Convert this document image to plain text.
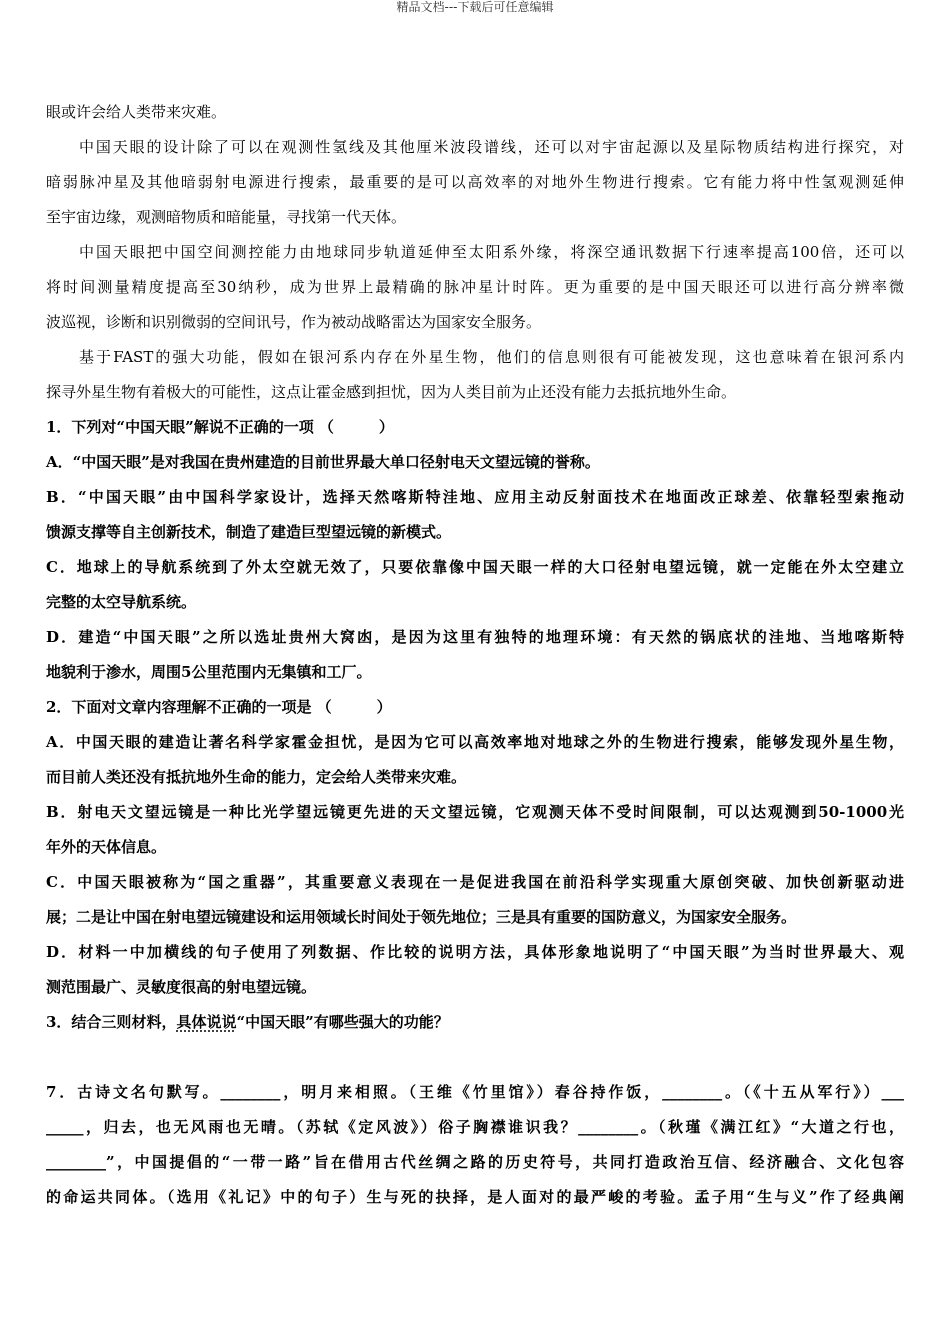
精品文档---下载后可任意编辑
眼或许会给人类带来灾难。
中国天眼的设计除了可以在观测性氢线及其他厘米波段谱线，还可以对宇宙起源以及星际物质结构进行探究，对
暗弱脉冲星及其他暗弱射电源进行搜索，最重要的是可以高效率的对地外生物进行搜索。它有能力将中性氢观测延伸
至宇宙边缘，观测暗物质和暗能量，寻找第一代天体。
中国天眼把中国空间测控能力由地球同步轨道延伸至太阳系外缘，将深空通讯数据下行速率提高100倍，还可以
将时间测量精度提高至30纳秒，成为世界上最精确的脉冲星计时阵。更为重要的是中国天眼还可以进行高分辨率微
波巡视，诊断和识别微弱的空间讯号，作为被动战略雷达为国家安全服务。
基于FAST的强大功能，假如在银河系内存在外星生物，他们的信息则很有可能被发现，这也意味着在银河系内
探寻外星生物有着极大的可能性，这点让霍金感到担忧，因为人类目前为止还没有能力去抵抗地外生命。
1．下列对“中国天眼”解说不正确的一项 （　　　）
A．“中国天眼”是对我国在贵州建造的目前世界最大单口径射电天文望远镜的誉称。
B．“中国天眼”由中国科学家设计，选择天然喀斯特洼地、应用主动反射面技术在地面改正球差、依靠轻型索拖动
馈源支撑等自主创新技术，制造了建造巨型望远镜的新模式。
C．地球上的导航系统到了外太空就无效了，只要依靠像中国天眼一样的大口径射电望远镜，就一定能在外太空建立
完整的太空导航系统。
D．建造“中国天眼”之所以选址贵州大窝凼，是因为这里有独特的地理环境：有天然的锅底状的洼地、当地喀斯特
地貌利于渗水，周围5公里范围内无集镇和工厂。
2．下面对文章内容理解不正确的一项是 （　　　）
A．中国天眼的建造让著名科学家霍金担忧，是因为它可以高效率地对地球之外的生物进行搜索，能够发现外星生物，
而目前人类还没有抵抗地外生命的能力，定会给人类带来灾难。
B．射电天文望远镜是一种比光学望远镜更先进的天文望远镜，它观测天体不受时间限制，可以达观测到50-1000光
年外的天体信息。
C．中国天眼被称为“国之重器”，其重要意义表现在一是促进我国在前沿科学实现重大原创突破、加快创新驱动进
展；二是让中国在射电望远镜建设和运用领域长时间处于领先地位；三是具有重要的国防意义，为国家安全服务。
D．材料一中加横线的句子使用了列数据、作比较的说明方法，具体形象地说明了“中国天眼”为当时世界最大、观
测范围最广、灵敏度很高的射电望远镜。
3．结合三则材料，具体说说“中国天眼”有哪些强大的功能？
7．古诗文名句默写。________，明月来相照。（王维《竹里馆》）春谷持作饭，________。（《十五从军行》）___
_____，归去，也无风雨也无晴。（苏轼《定风波》）俗子胸襟谁识我？________。（秋瑾《满江红》“大道之行也，
________”，中国提倡的“一带一路”旨在借用古代丝绸之路的历史符号，共同打造政治互信、经济融合、文化包容
的命运共同体。（选用《礼记》中的句子）生与死的抉择，是人面对的最严峻的考验。孟子用“生与义”作了经典阐
